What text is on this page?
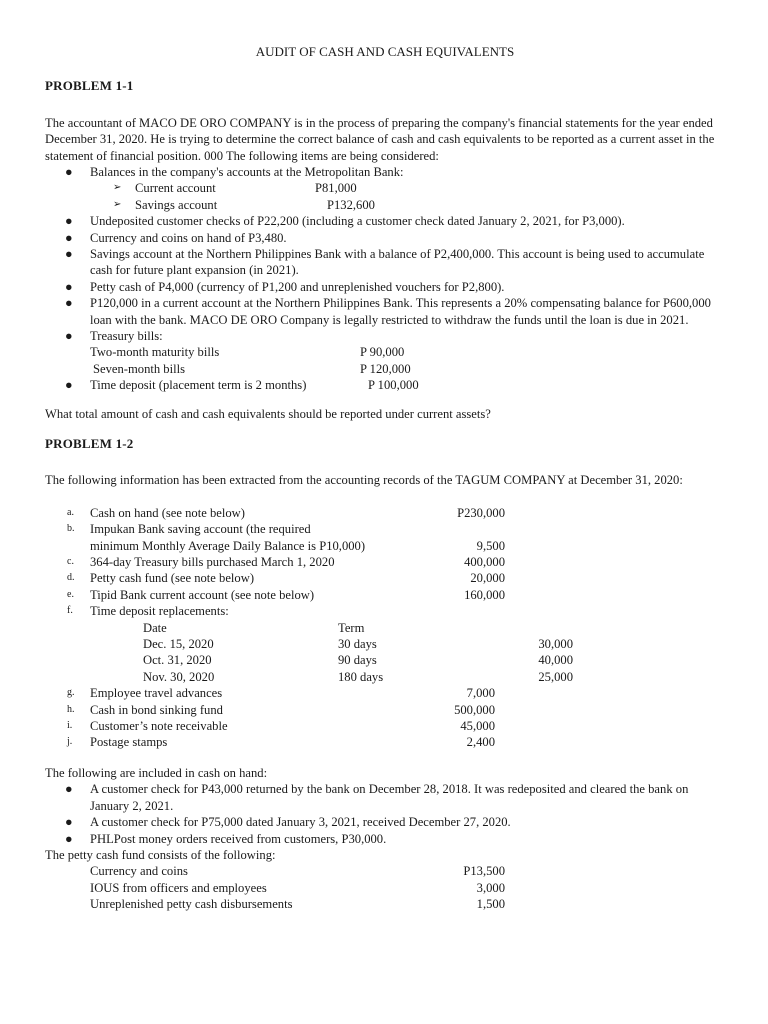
AUDIT OF CASH AND CASH EQUIVALENTS
PROBLEM 1-1

The accountant of MACO DE ORO COMPANY is in the process of preparing the company's financial statements for the year ended December 31, 2020. He is trying to determine the correct balance of cash and cash equivalents to be reported as a current asset in the statement of financial position. 000 The following items are being considered:

● Balances in the company's accounts at the Metropolitan Bank:
➢ Current account	P81,000
➢ Savings account	P132,600
● Undeposited customer checks of P22,200 (including a customer check dated January 2, 2021, for P3,000).
● Currency and coins on hand of P3,480.
● Savings account at the Northern Philippines Bank with a balance of P2,400,000. This account is being used to accumulate cash for future plant expansion (in 2021).
● Petty cash of P4,000 (currency of P1,200 and unreplenished vouchers for P2,800).
● P120,000 in a current account at the Northern Philippines Bank. This represents a 20% compensating balance for P600,000 loan with the bank. MACO DE ORO Company is legally restricted to withdraw the funds until the loan is due in 2021.
● Treasury bills:
Two-month maturity bills	P 90,000
Seven-month bills	P 120,000
● Time deposit (placement term is 2 months)	P 100,000

What total amount of cash and cash equivalents should be reported under current assets?

PROBLEM 1-2

The following information has been extracted from the accounting records of the TAGUM COMPANY at December 31, 2020:

a. Cash on hand (see note below)	P230,000
b. Impukan Bank saving account (the required
minimum Monthly Average Daily Balance is P10,000)	9,500
c. 364-day Treasury bills purchased March 1, 2020	400,000
d. Petty cash fund (see note below)	20,000
e. Tipid Bank current account (see note below)	160,000
f. Time deposit replacements:
Date	Term
Dec. 15, 2020	30 days	30,000
Oct. 31, 2020	90 days	40,000
Nov. 30, 2020	180 days	25,000
g. Employee travel advances	7,000
h. Cash in bond sinking fund	500,000
i. Customer’s note receivable	45,000
j. Postage stamps	2,400

The following are included in cash on hand:

● A customer check for P43,000 returned by the bank on December 28, 2018. It was redeposited and cleared the bank on January 2, 2021.
● A customer check for P75,000 dated January 3, 2021, received December 27, 2020.
● PHLPost money orders received from customers, P30,000.

The petty cash fund consists of the following:

Currency and coins	P13,500
IOUS from officers and employees	3,000
Unreplenished petty cash disbursements	1,500
